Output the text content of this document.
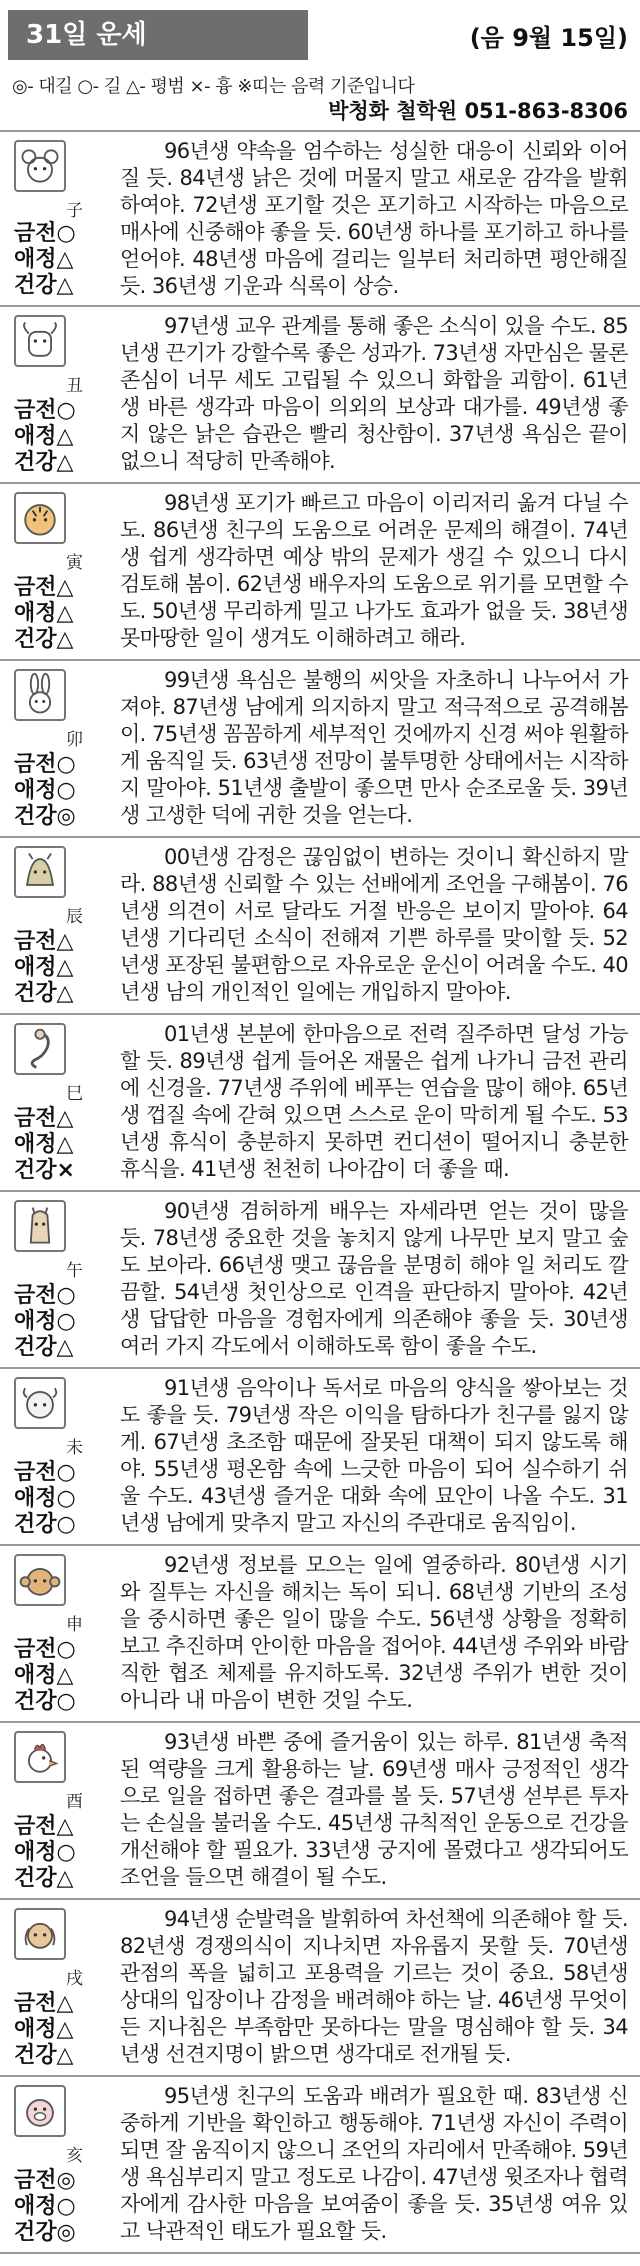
31일 운세	(음 9월 15일)
◎- 대길 ○- 길 △- 평범 ×- 흉 ※띠는 음력 기준입니다
박청화 철학원 051-863-8306
子
금전○
애정△
건강△
96년생 약속을 엄수하는 성실한 대응이 신뢰와 이어질 듯. 84년생 낡은 것에 머물지 말고 새로운 감각을 발휘하여야. 72년생 포기할 것은 포기하고 시작하는 마음으로 매사에 신중해야 좋을 듯. 60년생 하나를 포기하고 하나를 얻어야. 48년생 마음에 걸리는 일부터 처리하면 평안해질 듯. 36년생 기운과 식록이 상승.
丑
금전○
애정△
건강△
97년생 교우 관계를 통해 좋은 소식이 있을 수도. 85년생 끈기가 강할수록 좋은 성과가. 73년생 자만심은 물론 존심이 너무 세도 고립될 수 있으니 화합을 괴함이. 61년생 바른 생각과 마음이 의외의 보상과 대가를. 49년생 좋지 않은 낡은 습관은 빨리 청산함이. 37년생 욕심은 끝이 없으니 적당히 만족해야.
寅
금전△
애정△
건강△
98년생 포기가 빠르고 마음이 이리저리 옮겨 다닐 수도. 86년생 친구의 도움으로 어려운 문제의 해결이. 74년생 쉽게 생각하면 예상 밖의 문제가 생길 수 있으니 다시 검토해 봄이. 62년생 배우자의 도움으로 위기를 모면할 수도. 50년생 무리하게 밀고 나가도 효과가 없을 듯. 38년생 못마땅한 일이 생겨도 이해하려고 해라.
卯
금전○
애정○
건강◎
99년생 욕심은 불행의 씨앗을 자초하니 나누어서 가져야. 87년생 남에게 의지하지 말고 적극적으로 공격해봄이. 75년생 꼼꼼하게 세부적인 것에까지 신경 써야 원활하게 움직일 듯. 63년생 전망이 불투명한 상태에서는 시작하지 말아야. 51년생 출발이 좋으면 만사 순조로울 듯. 39년생 고생한 덕에 귀한 것을 얻는다.
辰
금전△
애정△
건강△
00년생 감정은 끊임없이 변하는 것이니 확신하지 말라. 88년생 신뢰할 수 있는 선배에게 조언을 구해봄이. 76년생 의견이 서로 달라도 거절 반응은 보이지 말아야. 64년생 기다리던 소식이 전해져 기쁜 하루를 맞이할 듯. 52년생 포장된 불편함으로 자유로운 운신이 어려울 수도. 40년생 남의 개인적인 일에는 개입하지 말아야.
巳
금전△
애정△
건강×
01년생 본분에 한마음으로 전력 질주하면 달성 가능할 듯. 89년생 쉽게 들어온 재물은 쉽게 나가니 금전 관리에 신경을. 77년생 주위에 베푸는 연습을 많이 해야. 65년생 껍질 속에 갇혀 있으면 스스로 운이 막히게 될 수도. 53년생 휴식이 충분하지 못하면 컨디션이 떨어지니 충분한 휴식을. 41년생 천천히 나아감이 더 좋을 때.
午
금전○
애정○
건강△
90년생 겸허하게 배우는 자세라면 얻는 것이 많을 듯. 78년생 중요한 것을 놓치지 않게 나무만 보지 말고 숲도 보아라. 66년생 맺고 끊음을 분명히 해야 일 처리도 깔끔할. 54년생 첫인상으로 인격을 판단하지 말아야. 42년생 답답한 마음을 경험자에게 의존해야 좋을 듯. 30년생 여러 가지 각도에서 이해하도록 함이 좋을 수도.
未
금전○
애정○
건강○
91년생 음악이나 독서로 마음의 양식을 쌓아보는 것도 좋을 듯. 79년생 작은 이익을 탐하다가 친구를 잃지 않게. 67년생 초조함 때문에 잘못된 대책이 되지 않도록 해야. 55년생 평온함 속에 느긋한 마음이 되어 실수하기 쉬울 수도. 43년생 즐거운 대화 속에 묘안이 나올 수도. 31년생 남에게 맞추지 말고 자신의 주관대로 움직임이.
申
금전○
애정△
건강○
92년생 정보를 모으는 일에 열중하라. 80년생 시기와 질투는 자신을 해치는 독이 되니. 68년생 기반의 조성을 중시하면 좋은 일이 많을 수도. 56년생 상황을 정확히 보고 추진하며 안이한 마음을 접어야. 44년생 주위와 바람직한 협조 체제를 유지하도록. 32년생 주위가 변한 것이 아니라 내 마음이 변한 것일 수도.
酉
금전△
애정○
건강△
93년생 바쁜 중에 즐거움이 있는 하루. 81년생 축적된 역량을 크게 활용하는 날. 69년생 매사 긍정적인 생각으로 일을 접하면 좋은 결과를 볼 듯. 57년생 섣부른 투자는 손실을 불러올 수도. 45년생 규칙적인 운동으로 건강을 개선해야 할 필요가. 33년생 궁지에 몰렸다고 생각되어도 조언을 들으면 해결이 될 수도.
戌
금전△
애정△
건강△
94년생 순발력을 발휘하여 차선책에 의존해야 할 듯. 82년생 경쟁의식이 지나치면 자유롭지 못할 듯. 70년생 관점의 폭을 넓히고 포용력을 기르는 것이 중요. 58년생 상대의 입장이나 감정을 배려해야 하는 날. 46년생 무엇이든 지나침은 부족함만 못하다는 말을 명심해야 할 듯. 34년생 선견지명이 밝으면 생각대로 전개될 듯.
亥
금전◎
애정○
건강◎
95년생 친구의 도움과 배려가 필요한 때. 83년생 신중하게 기반을 확인하고 행동해야. 71년생 자신이 주력이 되면 잘 움직이지 않으니 조언의 자리에서 만족해야. 59년생 욕심부리지 말고 정도로 나감이. 47년생 윗조자나 협력자에게 감사한 마음을 보여줌이 좋을 듯. 35년생 여유 있고 낙관적인 태도가 필요할 듯.
